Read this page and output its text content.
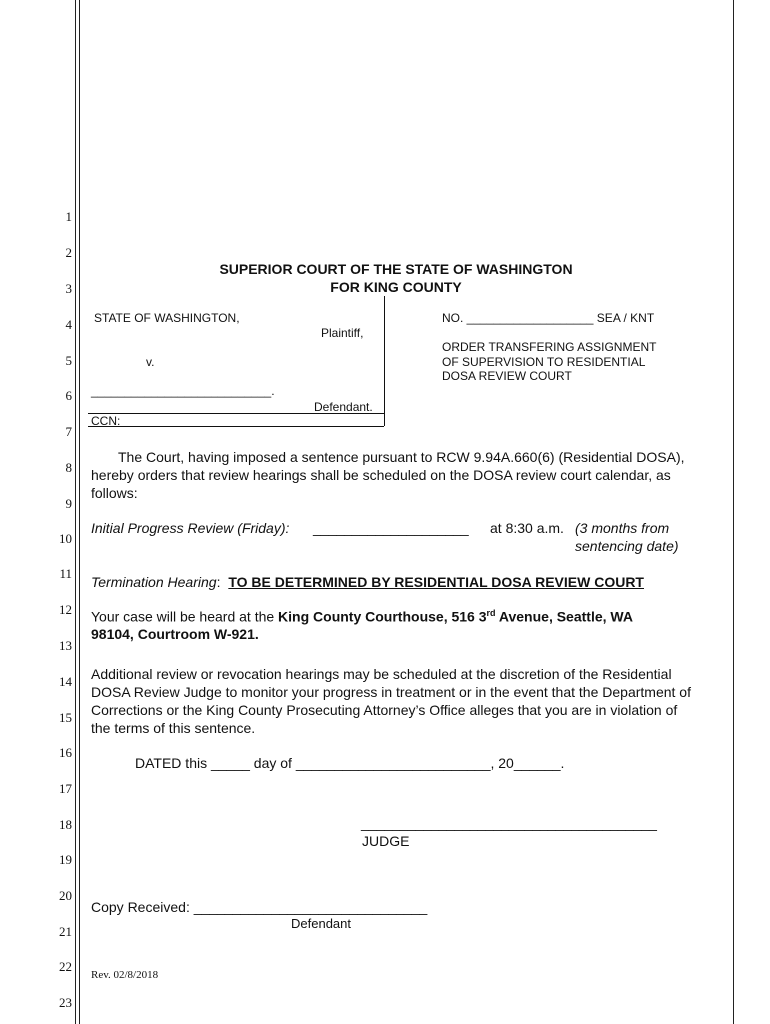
1
2
3
4
5
6
7
8
9
10
11
12
13
14
15
16
17
18
19
20
21
22
23
SUPERIOR COURT OF THE STATE OF WASHINGTON
FOR KING COUNTY
STATE OF WASHINGTON,
Plaintiff,
v.
___________________________.
Defendant.
CCN:
NO. ___________________ SEA / KNT
ORDER TRANSFERING ASSIGNMENT
OF SUPERVISION TO RESIDENTIAL
DOSA REVIEW COURT
The Court, having imposed a sentence pursuant to RCW 9.94A.660(6) (Residential DOSA), hereby orders that review hearings shall be scheduled on the DOSA review court calendar, as follows:
Initial Progress Review (Friday): ____________________ at 8:30 a.m. (3 months from
sentencing date)
Termination Hearing: TO BE DETERMINED BY RESIDENTIAL DOSA REVIEW COURT
Your case will be heard at the King County Courthouse, 516 3rd Avenue, Seattle, WA
98104, Courtroom W-921.
Additional review or revocation hearings may be scheduled at the discretion of the Residential DOSA Review Judge to monitor your progress in treatment or in the event that the Department of Corrections or the King County Prosecuting Attorney’s Office alleges that you are in violation of the terms of this sentence.
DATED this _____ day of _________________________, 20______.
______________________________________
JUDGE
Copy Received: ______________________________
Defendant
Rev. 02/8/2018
